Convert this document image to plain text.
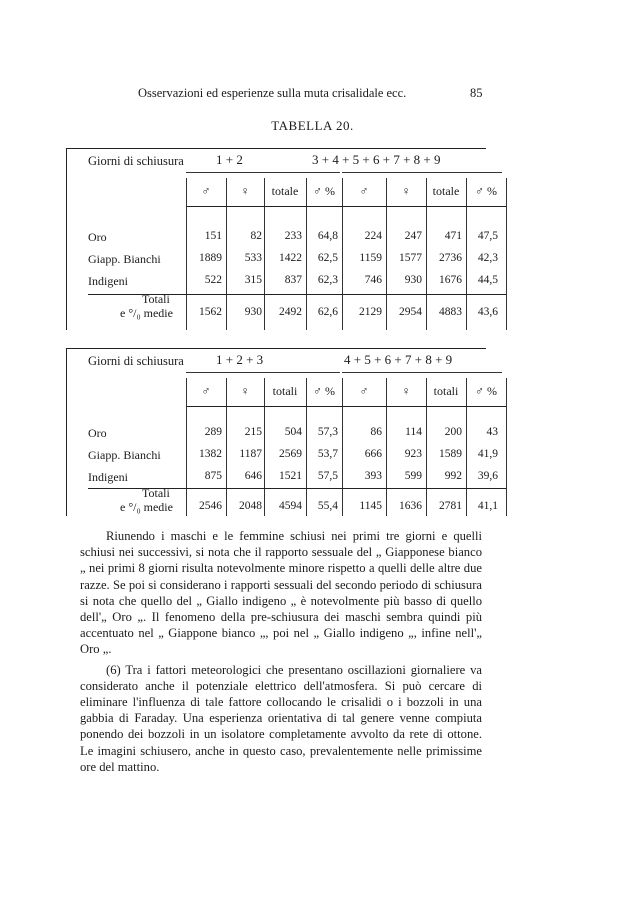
Osservazioni ed esperienze sulla muta crisalidale ecc.	85
TABELLA 20.
Giorni di schiusura 1 + 2	3 + 4 + 5 + 6 + 7 + 8 + 9
♂	♀	totale	♂ %	♂	♀	totale	♂ %
Oro	151	82	233	64,8	224	247	471	47,5
Giapp. Bianchi	1889	533	1422	62,5	1159	1577	2736	42,3
Indigeni	522	315	837	62,3	746	930	1676	44,5
Totali
e °/₀ medie	1562	930	2492	62,6	2129	2954	4883	43,6
Giorni di schiusura 1 + 2 + 3	4 + 5 + 6 + 7 + 8 + 9
♂	♀	totali	♂ %	♂	♀	totali	♂ %
Oro	289	215	504	57,3	86	114	200	43
Giapp. Bianchi	1382	1187	2569	53,7	666	923	1589	41,9
Indigeni	875	646	1521	57,5	393	599	992	39,6
Totali
e °/₀ medie	2546	2048	4594	55,4	1145	1636	2781	41,1

Riunendo i maschi e le femmine schiusi nei primi tre giorni e quelli schiusi nei successivi, si nota che il rapporto sessuale del „ Giapponese bianco „ nei primi 8 giorni risulta notevolmente minore rispetto a quelli delle altre due razze. Se poi si considerano i rapporti sessuali del secondo periodo di schiusura si nota che quello del „ Giallo indigeno „ è notevolmente più basso di quello dell'„ Oro „. Il fenomeno della pre-schiusura dei maschi sembra quindi più accentuato nel „ Giappone bianco „, poi nel „ Giallo indigeno „, infine nell'„ Oro „.

(6) Tra i fattori meteorologici che presentano oscillazioni giornaliere va considerato anche il potenziale elettrico dell'atmosfera. Si può cercare di eliminare l'influenza di tale fattore collocando le crisalidi o i bozzoli in una gabbia di Faraday. Una esperienza orientativa di tal genere venne compiuta ponendo dei bozzoli in un isolatore completamente avvolto da rete di ottone. Le imagini schiusero, anche in questo caso, prevalentemente nelle primissime ore del mattino.
